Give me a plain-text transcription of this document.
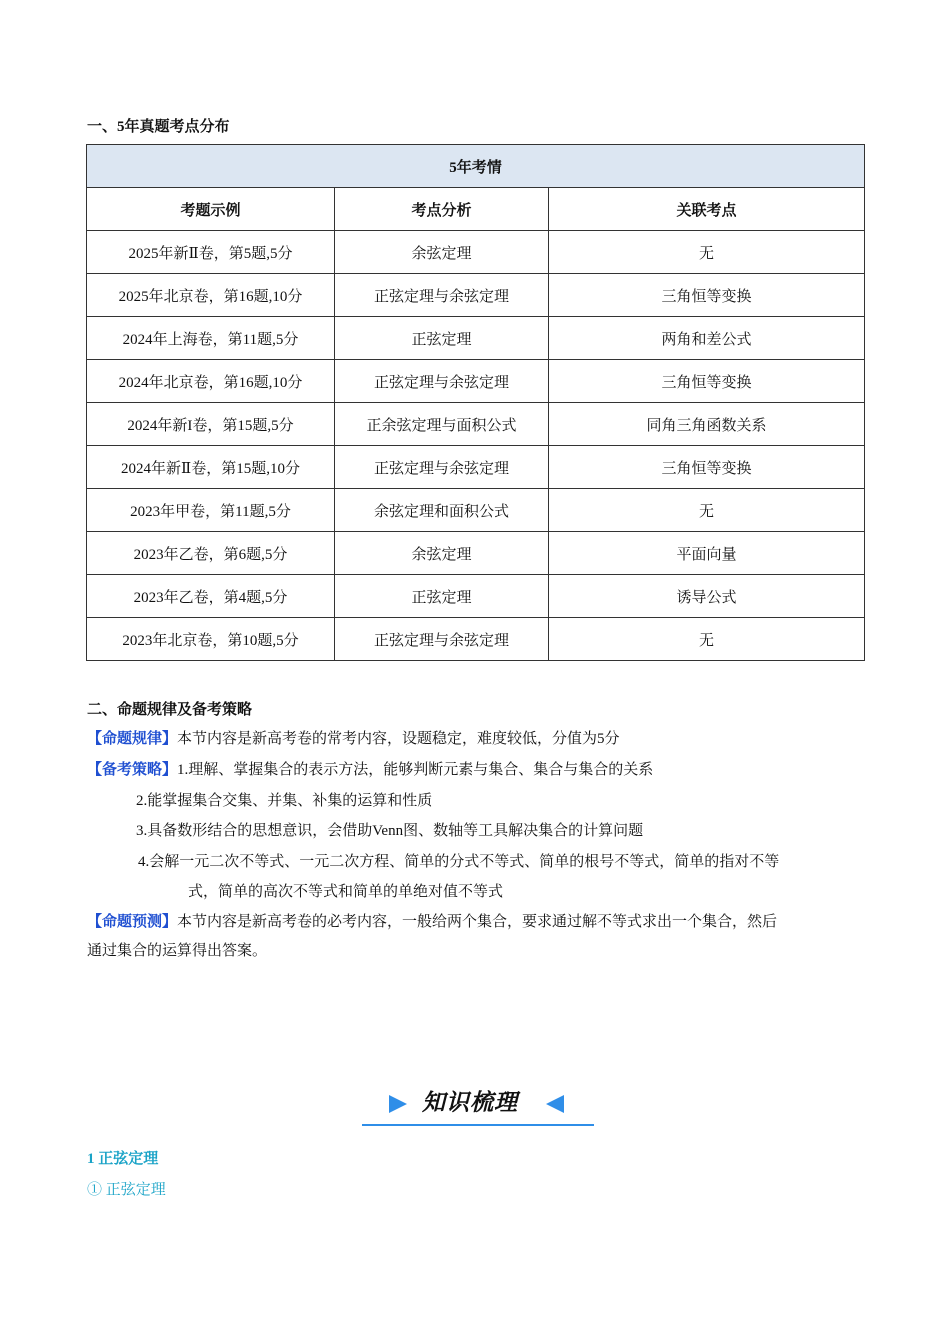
一、5年真题考点分布
5年考情		
考题示例	考点分析	关联考点
2025年新Ⅱ卷，第5题,5分	余弦定理	无
2025年北京卷，第16题,10分	正弦定理与余弦定理	三角恒等变换
2024年上海卷，第11题,5分	正弦定理	两角和差公式
2024年北京卷，第16题,10分	正弦定理与余弦定理	三角恒等变换
2024年新I卷，第15题,5分	正余弦定理与面积公式	同角三角函数关系
2024年新Ⅱ卷，第15题,10分	正弦定理与余弦定理	三角恒等变换
2023年甲卷，第11题,5分	余弦定理和面积公式	无
2023年乙卷，第6题,5分	余弦定理	平面向量
2023年乙卷，第4题,5分	正弦定理	诱导公式
2023年北京卷，第10题,5分	正弦定理与余弦定理	无
二、命题规律及备考策略
【命题规律】本节内容是新高考卷的常考内容，设题稳定，难度较低，分值为5分
【备考策略】1.理解、掌握集合的表示方法，能够判断元素与集合、集合与集合的关系
2.能掌握集合交集、并集、补集的运算和性质
3.具备数形结合的思想意识，会借助Venn图、数轴等工具解决集合的计算问题
4.会解一元二次不等式、一元二次方程、简单的分式不等式、简单的根号不等式，简单的指对不等
式，简单的高次不等式和简单的单绝对值不等式
【命题预测】本节内容是新高考卷的必考内容，一般给两个集合，要求通过解不等式求出一个集合，然后
通过集合的运算得出答案。
知识梳理
1 正弦定理
① 正弦定理
